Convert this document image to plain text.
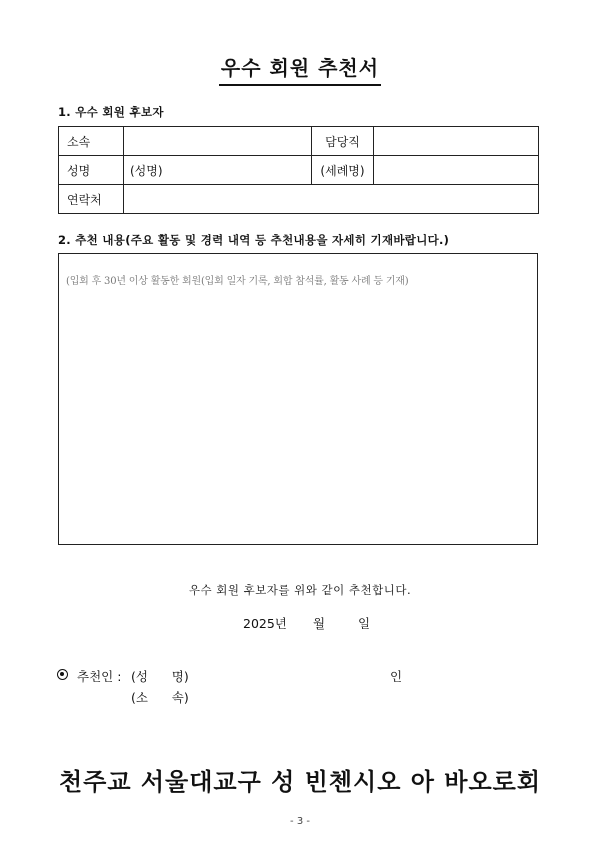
우수 회원 추천서
1. 우수 회원 후보자
소속		담당직	
성명	(성명)	(세례명)	
연락처			
2. 추천 내용(주요 활동 및 경력 내역 등 추천내용을 자세히 기재바랍니다.)
(입회 후 30년 이상 활동한 회원(입회 일자 기록, 회합 참석률, 활동 사례 등 기재)
우수 회원 후보자를 위와 같이 추천합니다.
2025년 월	일
추천인 : (성      명)	인
(소      속)
천주교 서울대교구 성 빈첸시오 아 바오로회
- 3 -
